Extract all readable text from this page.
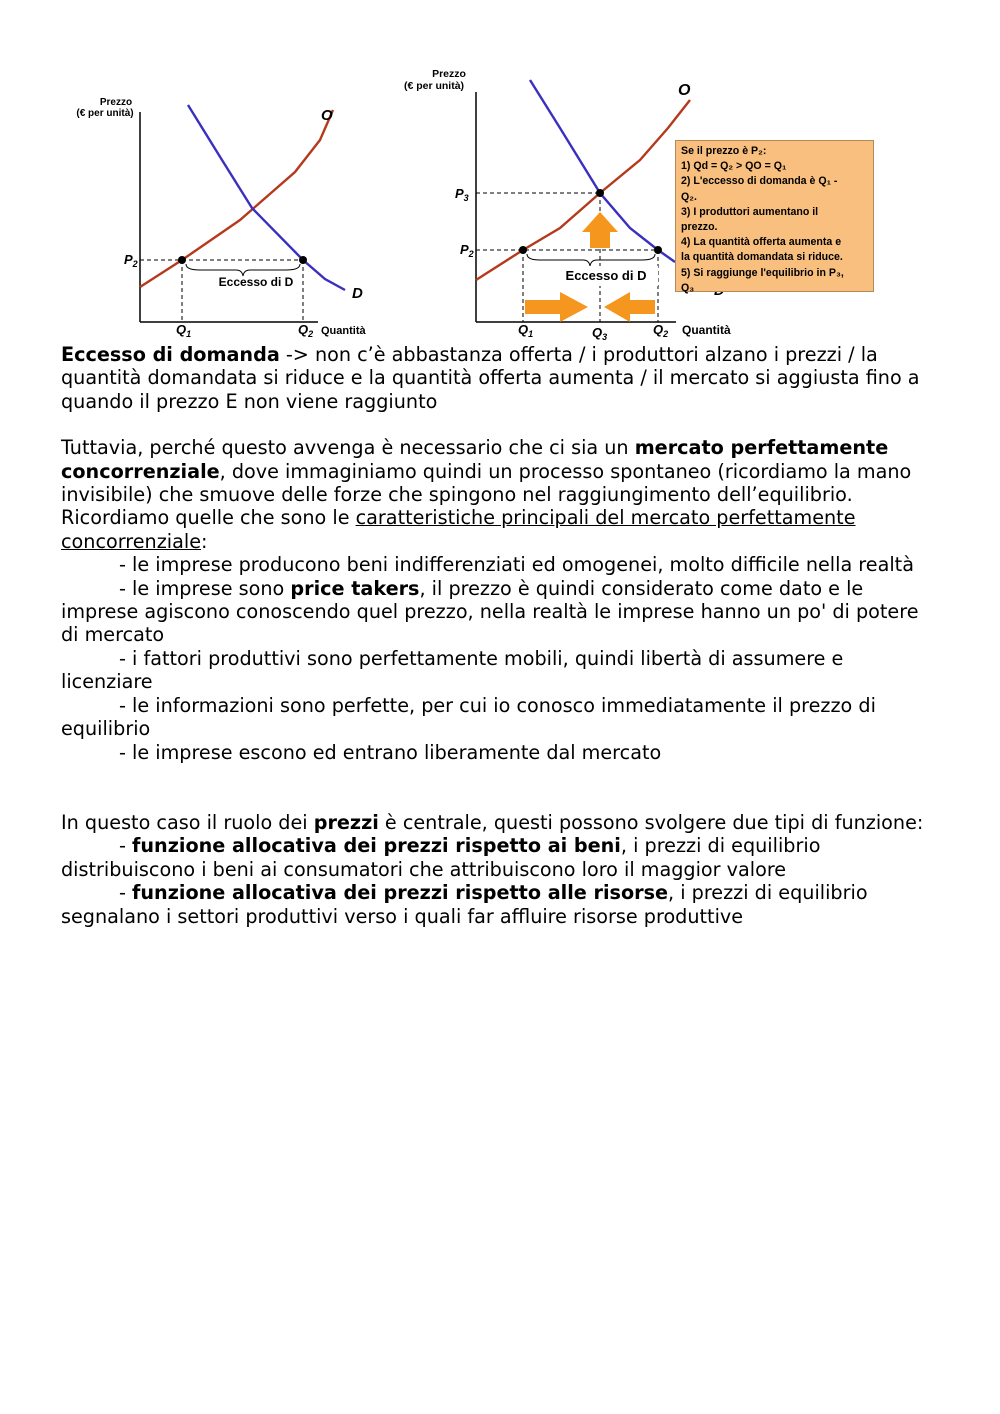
Eccesso di D
Prezzo
(€ per unità)
Quantità
O
D
$P_2$
$Q_1$	$Q_2$
Eccesso di D
Prezzo
(€ per unità)
Quantità
O
$P_3$
$P_2$
$Q_1$	$Q_3$	$Q_2$
Se il prezzo è P₂:
1) Qd = Q₂ > QO = Q₁
2) L'eccesso di domanda è Q₁ -
Q₂.
3) I produttori aumentano il
prezzo.
4) La quantità offerta aumenta e
la quantità domandata si riduce.
5) Si raggiunge l'equilibrio in P₃,
Q₃

Eccesso di domanda -> non c’è abbastanza offerta / i produttori alzano i prezzi / la quantità domandata si riduce e la quantità offerta aumenta / il mercato si aggiusta fino a quando il prezzo E non viene raggiunto

Tuttavia, perché questo avvenga è necessario che ci sia un mercato perfettamente concorrenziale, dove immaginiamo quindi un processo spontaneo (ricordiamo la mano invisibile) che smuove delle forze che spingono nel raggiungimento dell’equilibrio. Ricordiamo quelle che sono le caratteristiche principali del mercato perfettamente concorrenziale:

- le imprese producono beni indifferenziati ed omogenei, molto difficile nella realtà

- le imprese sono price takers, il prezzo è quindi considerato come dato e le imprese agiscono conoscendo quel prezzo, nella realtà le imprese hanno un po' di potere di mercato

- i fattori produttivi sono perfettamente mobili, quindi libertà di assumere e licenziare

- le informazioni sono perfette, per cui io conosco immediatamente il prezzo di equilibrio

- le imprese escono ed entrano liberamente dal mercato

In questo caso il ruolo dei prezzi è centrale, questi possono svolgere due tipi di funzione:

- funzione allocativa dei prezzi rispetto ai beni, i prezzi di equilibrio distribuiscono i beni ai consumatori che attribuiscono loro il maggior valore

- funzione allocativa dei prezzi rispetto alle risorse, i prezzi di equilibrio segnalano i settori produttivi verso i quali far affluire risorse produttive
